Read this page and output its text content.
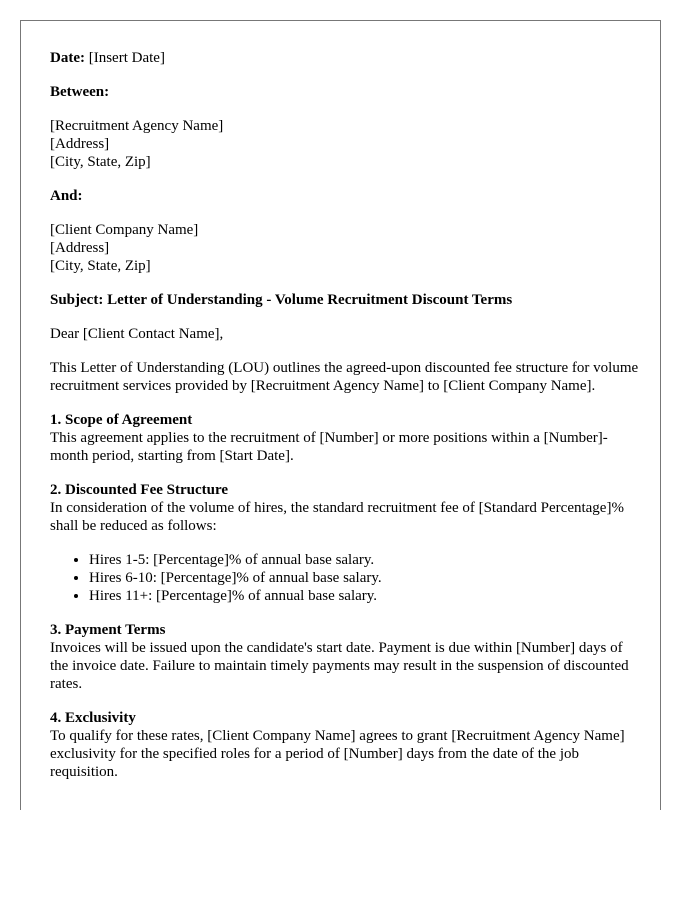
Date: [Insert Date]

Between:

[Recruitment Agency Name]
[Address]
[City, State, Zip]

And:

[Client Company Name]
[Address]
[City, State, Zip]

Subject: Letter of Understanding - Volume Recruitment Discount Terms

Dear [Client Contact Name],

This Letter of Understanding (LOU) outlines the agreed-upon discounted fee structure for volume recruitment services provided by [Recruitment Agency Name] to [Client Company Name].

1. Scope of Agreement
This agreement applies to the recruitment of [Number] or more positions within a [Number]-month period, starting from [Start Date].
2. Discounted Fee Structure
In consideration of the volume of hires, the standard recruitment fee of [Standard Percentage]% shall be reduced as follows:
• Hires 1-5: [Percentage]% of annual base salary.
• Hires 6-10: [Percentage]% of annual base salary.
• Hires 11+: [Percentage]% of annual base salary.
3. Payment Terms
Invoices will be issued upon the candidate's start date. Payment is due within [Number] days of the invoice date. Failure to maintain timely payments may result in the suspension of discounted rates.
4. Exclusivity
To qualify for these rates, [Client Company Name] agrees to grant [Recruitment Agency Name] exclusivity for the specified roles for a period of [Number] days from the date of the job requisition.
